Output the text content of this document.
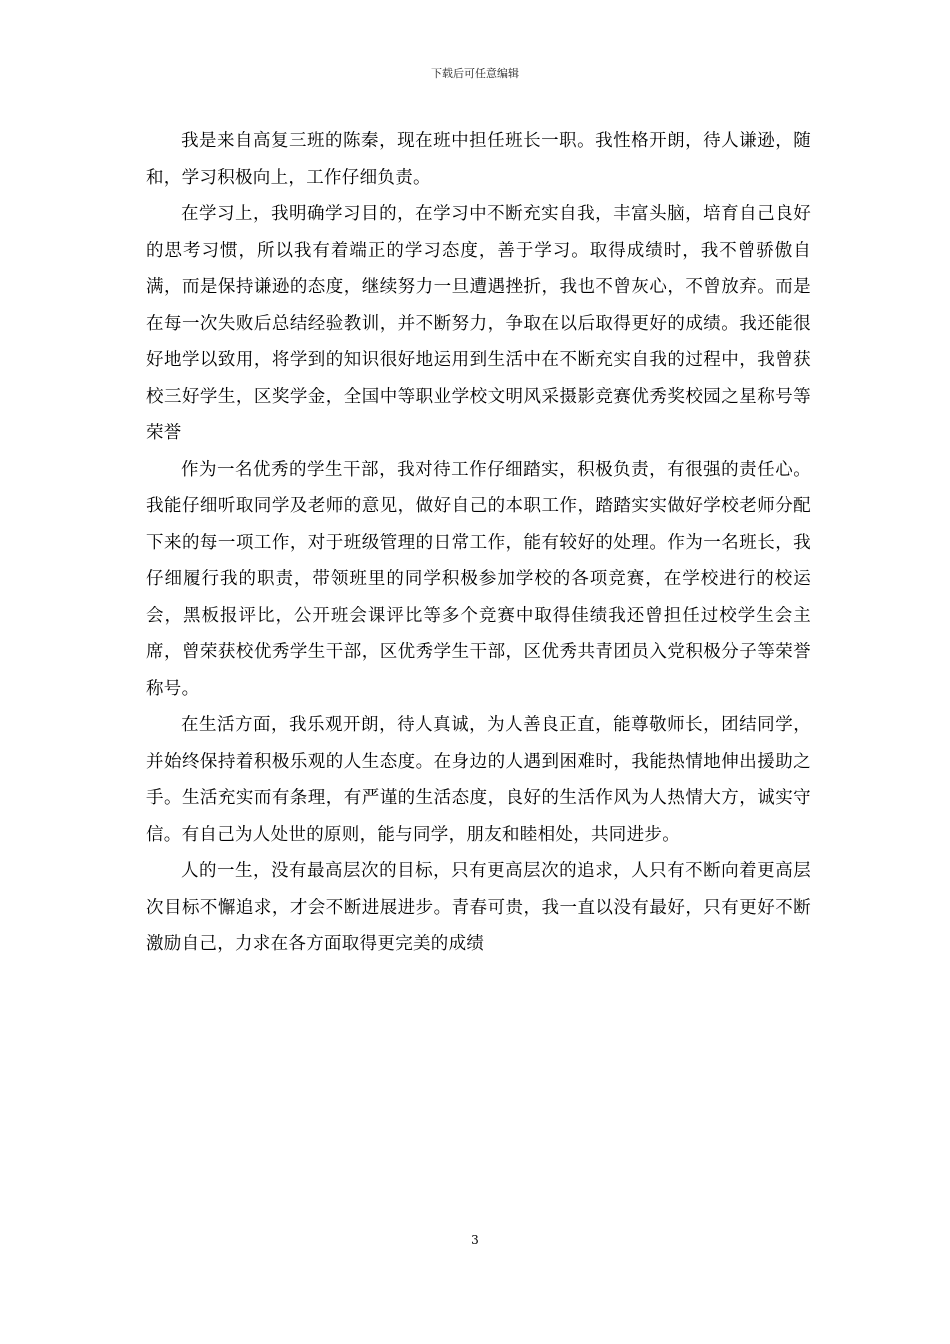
下载后可任意编辑

我是来自高复三班的陈秦，现在班中担任班长一职。我性格开朗，待人谦逊，随和，学习积极向上，工作仔细负责。

在学习上，我明确学习目的，在学习中不断充实自我，丰富头脑，培育自己良好的思考习惯，所以我有着端正的学习态度，善于学习。取得成绩时，我不曾骄傲自满，而是保持谦逊的态度，继续努力一旦遭遇挫折，我也不曾灰心，不曾放弃。而是在每一次失败后总结经验教训，并不断努力，争取在以后取得更好的成绩。我还能很好地学以致用，将学到的知识很好地运用到生活中在不断充实自我的过程中，我曾获校三好学生，区奖学金，全国中等职业学校文明风采摄影竞赛优秀奖校园之星称号等荣誉

作为一名优秀的学生干部，我对待工作仔细踏实，积极负责，有很强的责任心。我能仔细听取同学及老师的意见，做好自己的本职工作，踏踏实实做好学校老师分配下来的每一项工作，对于班级管理的日常工作，能有较好的处理。作为一名班长，我仔细履行我的职责，带领班里的同学积极参加学校的各项竞赛，在学校进行的校运会，黑板报评比，公开班会课评比等多个竞赛中取得佳绩我还曾担任过校学生会主席，曾荣获校优秀学生干部，区优秀学生干部，区优秀共青团员入党积极分子等荣誉称号。

在生活方面，我乐观开朗，待人真诚，为人善良正直，能尊敬师长，团结同学，并始终保持着积极乐观的人生态度。在身边的人遇到困难时，我能热情地伸出援助之手。生活充实而有条理，有严谨的生活态度，良好的生活作风为人热情大方，诚实守信。有自己为人处世的原则，能与同学，朋友和睦相处，共同进步。

人的一生，没有最高层次的目标，只有更高层次的追求，人只有不断向着更高层次目标不懈追求，才会不断进展进步。青春可贵，我一直以没有最好，只有更好不断激励自己，力求在各方面取得更完美的成绩

3
